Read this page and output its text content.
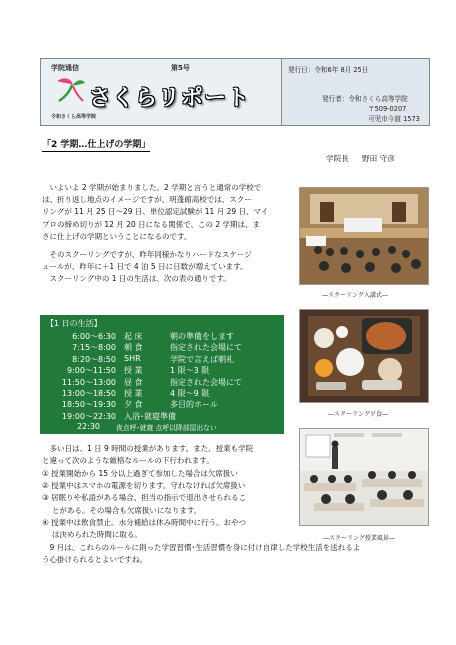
学院通信	第5号
さくらリポート
令和さくら高等学院
発行日：令和6年 8月 25日
発行者：令和さくら高等学院
〒509-0207
可児市今渡 1573
「2 学期…仕上げの学期」
学院長 野田 守彦
　いよいよ 2 学期が始まりました。2 学期と言うと通常の学校で
は、折り返し地点のイメージですが、明蓬館高校では、スクー
リングが 11 月 25 日～29 日、単位認定試験が 11 月 29 日、マイ
プロの締め切りが 12 月 20 日になる関係で、この 2 学期は、ま
さに仕上げの学期ということになるのです。
　そのスクーリングですが、昨年同様かなりハードなスケージ
ュールが、昨年に＋1 日で 4 泊 5 日に日数が増えています。
　スクーリング中の 1 日の生活は、次の表の通りです。
【1 日の生活】
6:00～6:30 起 床	朝の準備をします
7:15～8:00 朝 食	指定された会場にて
8:20～8:50 SHR	学院で言えば朝礼
9:00～11:50 授 業	1 限～3 限
11:50～13:00 昼 食	指定された会場にて
13:00～18:50 授 業	4 限～9 限
18:50～19:30 夕 食	多目的ホール
19:00～22:30 入浴･就寝準備
22:30 夜点呼･就寝 点呼以降部屋出ない
　多い日は、1 日 9 時間の授業があります。また、授業も学院
と違って次のような厳格なルールの下行われます。
① 授業開始から 15 分以上過ぎて参加した場合は欠席扱い
② 授業中はスマホの電源を切ります。守れなければ欠席扱い
③ 居眠りや私語がある場合、担当の指示で退出させられるこ
　 とがある。その場合も欠席扱いになります。
④ 授業中は飲食禁止。水分補給は休み時間中に行う。おやつ
　 は決められた時間に取る。
　9 月は、これらのルールに則った学習習慣･生活習慣を身に付け自律した学校生活を送れるよ
う心掛けられるとよいですね。
―スクーリング入講式―
―スクーリング夕食―
―スクーリング授業風景―
